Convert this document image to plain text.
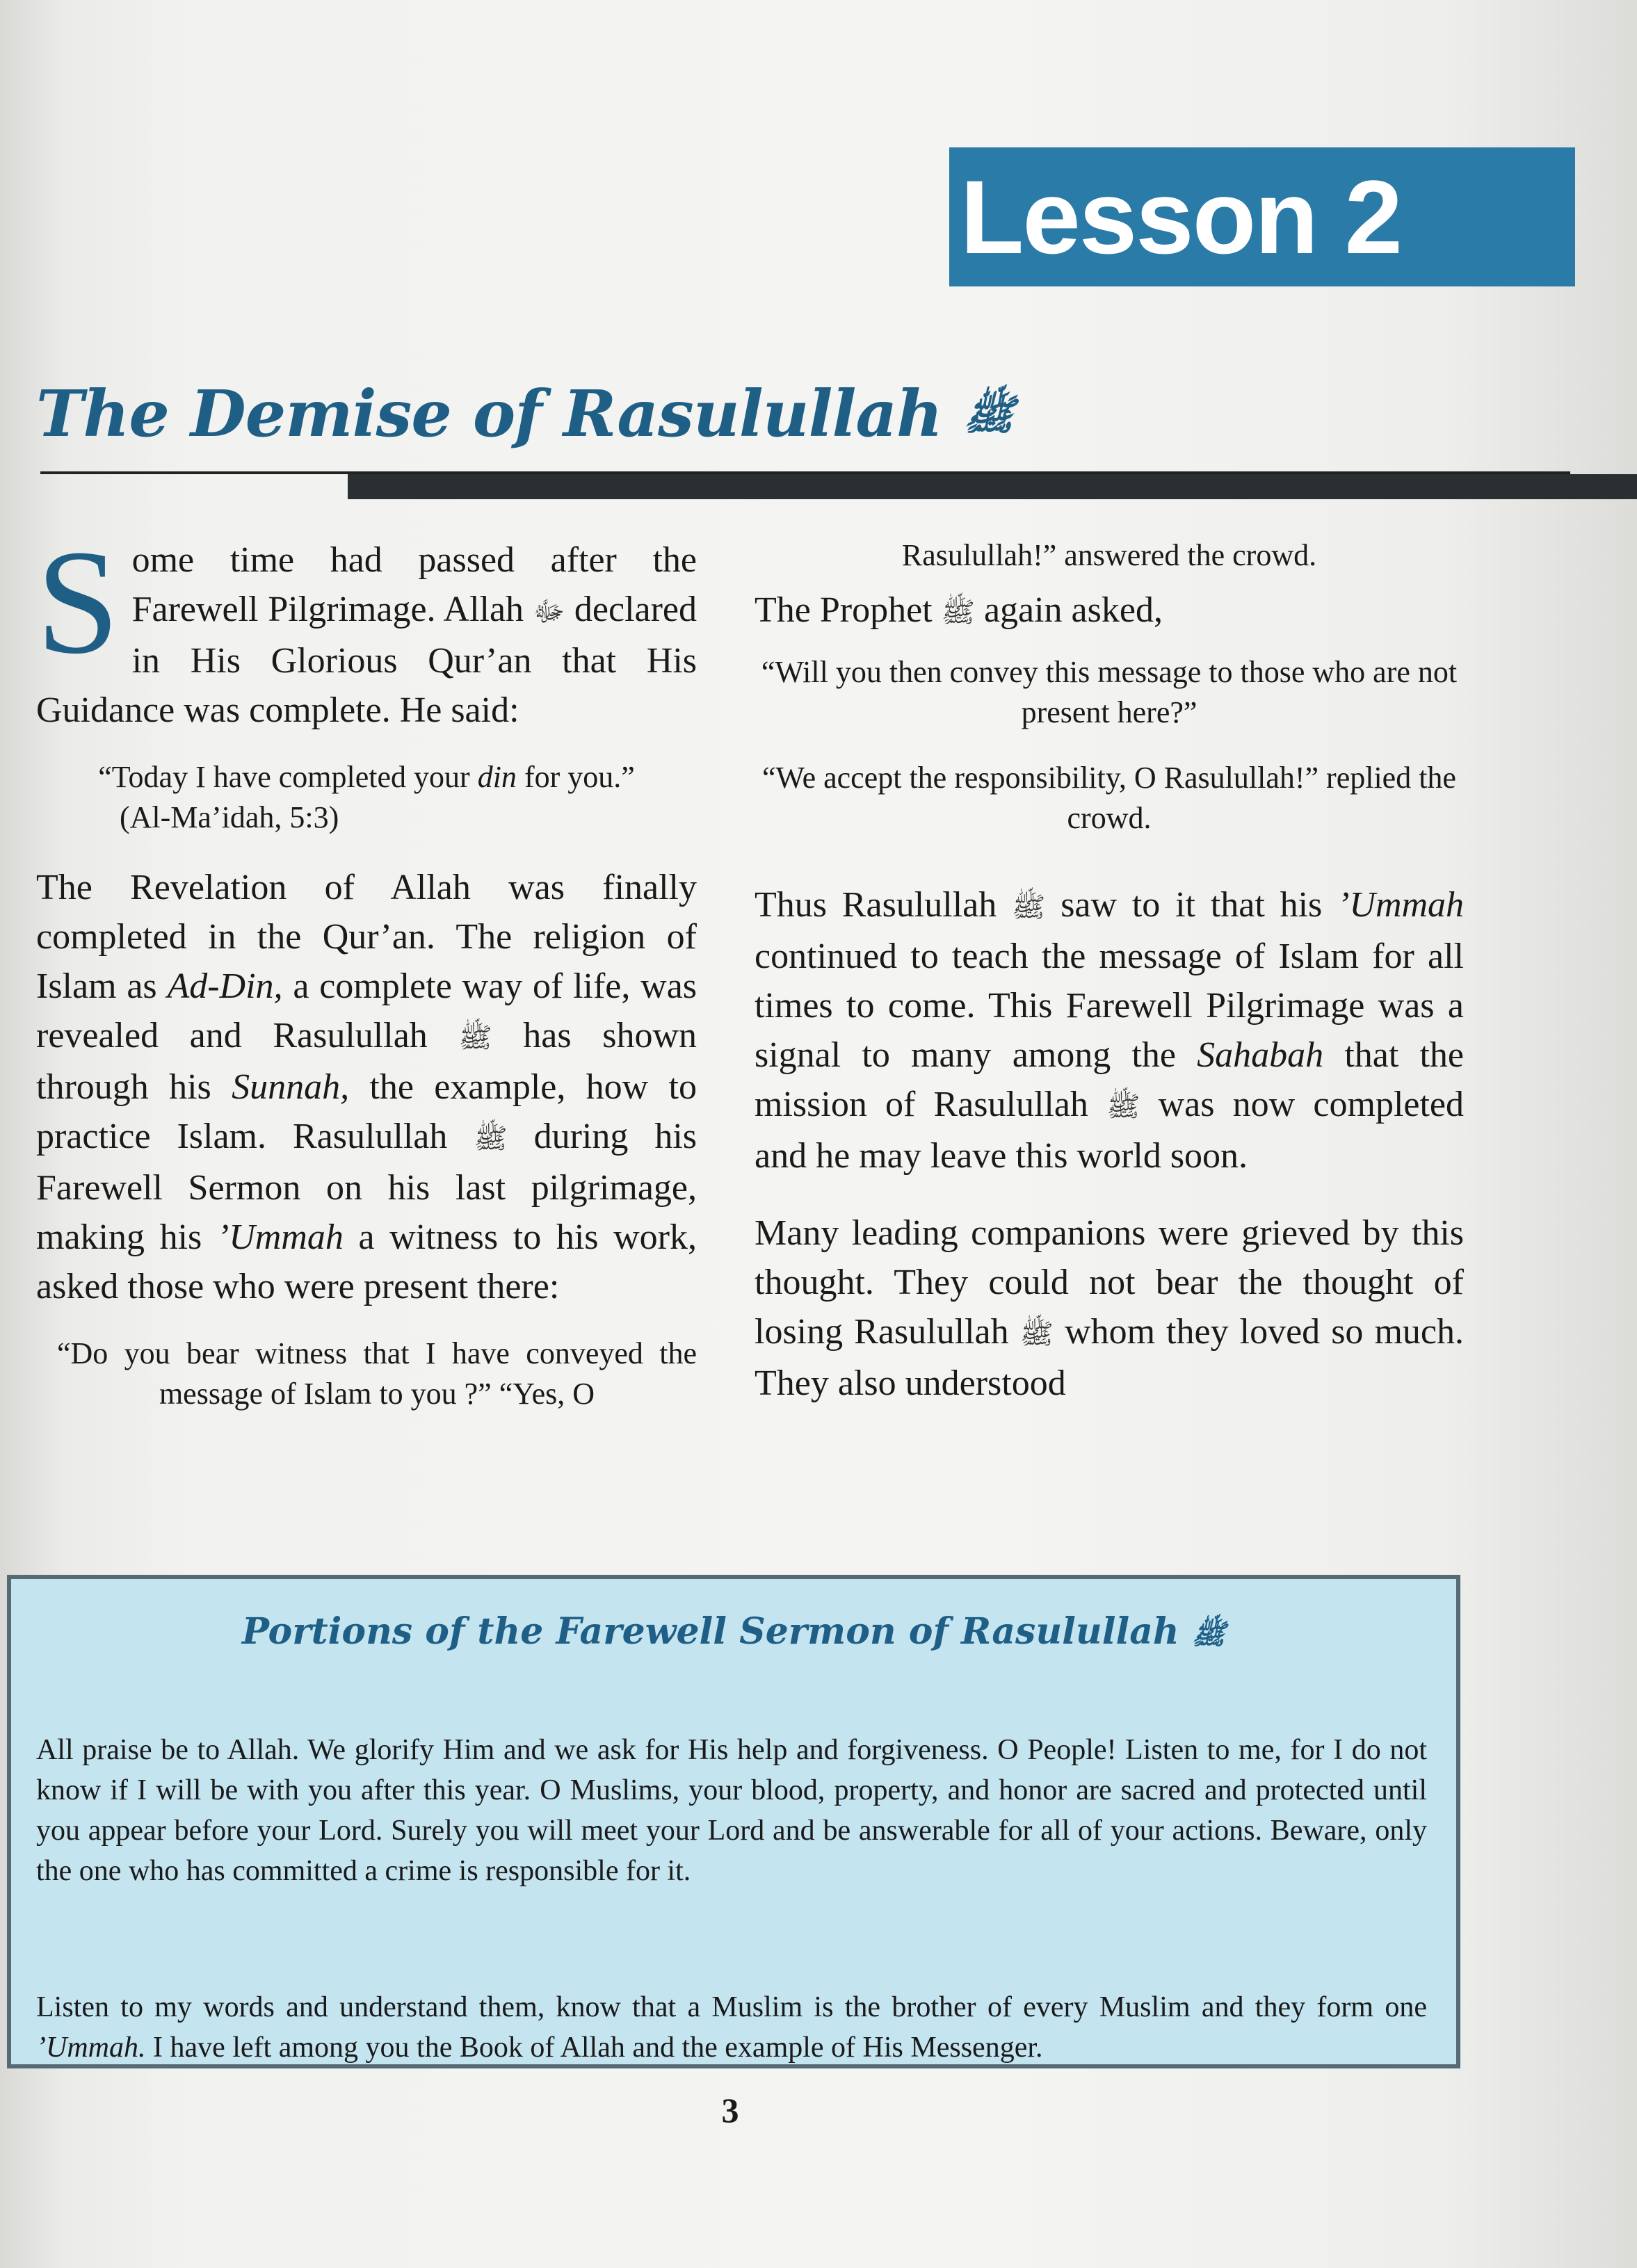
Lesson 2
The Demise of Rasulullah ﷺ

S ome time had passed after the Farewell Pilgrimage. Allah ﷻ declared in His Glorious Qur’an that His Guidance was complete. He said:

“Today I have completed your din for you.”
(Al-Ma’idah, 5:3)

The Revelation of Allah was finally completed in the Qur’an. The religion of Islam as Ad-Din, a complete way of life, was revealed and Rasulullah ﷺ has shown through his Sunnah, the example, how to practice Islam. Rasulullah ﷺ during his Farewell Sermon on his last pilgrimage, making his ’Ummah a witness to his work, asked those who were present there:

“Do you bear witness that I have conveyed the message of Islam to you ?” “Yes, O

Rasulullah!” answered the crowd.

The Prophet ﷺ again asked,

“Will you then convey this message to those who are not present here?”

“We accept the responsibility, O Rasulullah!” replied the crowd.

Thus Rasulullah ﷺ saw to it that his ’Ummah continued to teach the message of Islam for all times to come. This Farewell Pilgrimage was a signal to many among the Sahabah that the mission of Rasulullah ﷺ was now completed and he may leave this world soon.

Many leading companions were grieved by this thought. They could not bear the thought of losing Rasulullah ﷺ whom they loved so much. They also understood

Portions of the Farewell Sermon of Rasulullah ﷺ

All praise be to Allah. We glorify Him and we ask for His help and forgiveness. O People! Listen to me, for I do not know if I will be with you after this year. O Muslims, your blood, property, and honor are sacred and protected until you appear before your Lord. Surely you will meet your Lord and be answerable for all of your actions. Beware, only the one who has committed a crime is responsible for it.

Listen to my words and understand them, know that a Muslim is the brother of every Muslim and they form one ’Ummah. I have left among you the Book of Allah and the example of His Messenger.

3
